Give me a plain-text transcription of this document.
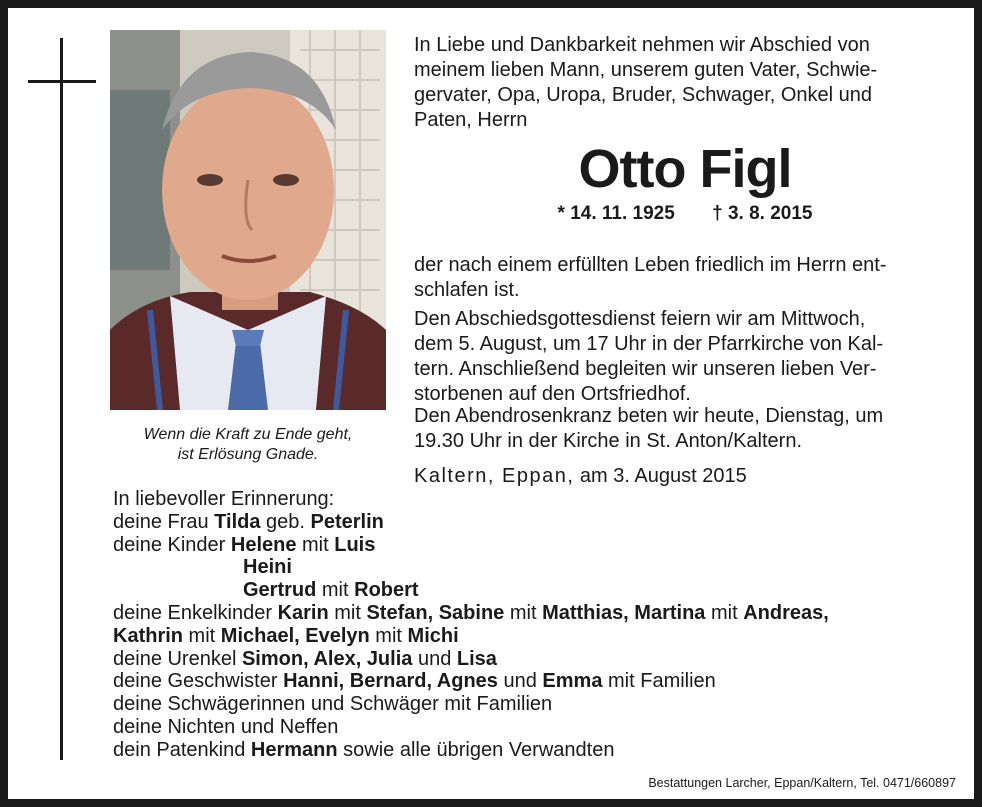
Wenn die Kraft zu Ende geht,
ist Erlösung Gnade.
In Liebe und Dankbarkeit nehmen wir Abschied von
meinem lieben Mann, unserem guten Vater, Schwie-
gervater, Opa, Uropa, Bruder, Schwager, Onkel und
Paten, Herrn
Otto Figl
* 14. 11. 1925 † 3. 8. 2015
der nach einem erfüllten Leben friedlich im Herrn ent-
schlafen ist.
Den Abschiedsgottesdienst feiern wir am Mittwoch,
dem 5. August, um 17 Uhr in der Pfarrkirche von Kal-
tern. Anschließend begleiten wir unseren lieben Ver-
storbenen auf den Ortsfriedhof.
Den Abendrosenkranz beten wir heute, Dienstag, um
19.30 Uhr in der Kirche in St. Anton/Kaltern.
Kaltern, Eppan, am 3. August 2015
In liebevoller Erinnerung:
deine Frau Tilda geb. Peterlin
deine Kinder Helene mit Luis
Heini
Gertrud mit Robert
deine Enkelkinder Karin mit Stefan, Sabine mit Matthias, Martina mit Andreas,
Kathrin mit Michael, Evelyn mit Michi
deine Urenkel Simon, Alex, Julia und Lisa
deine Geschwister Hanni, Bernard, Agnes und Emma mit Familien
deine Schwägerinnen und Schwäger mit Familien
deine Nichten und Neffen
dein Patenkind Hermann sowie alle übrigen Verwandten
Bestattungen Larcher, Eppan/Kaltern, Tel. 0471/660897
